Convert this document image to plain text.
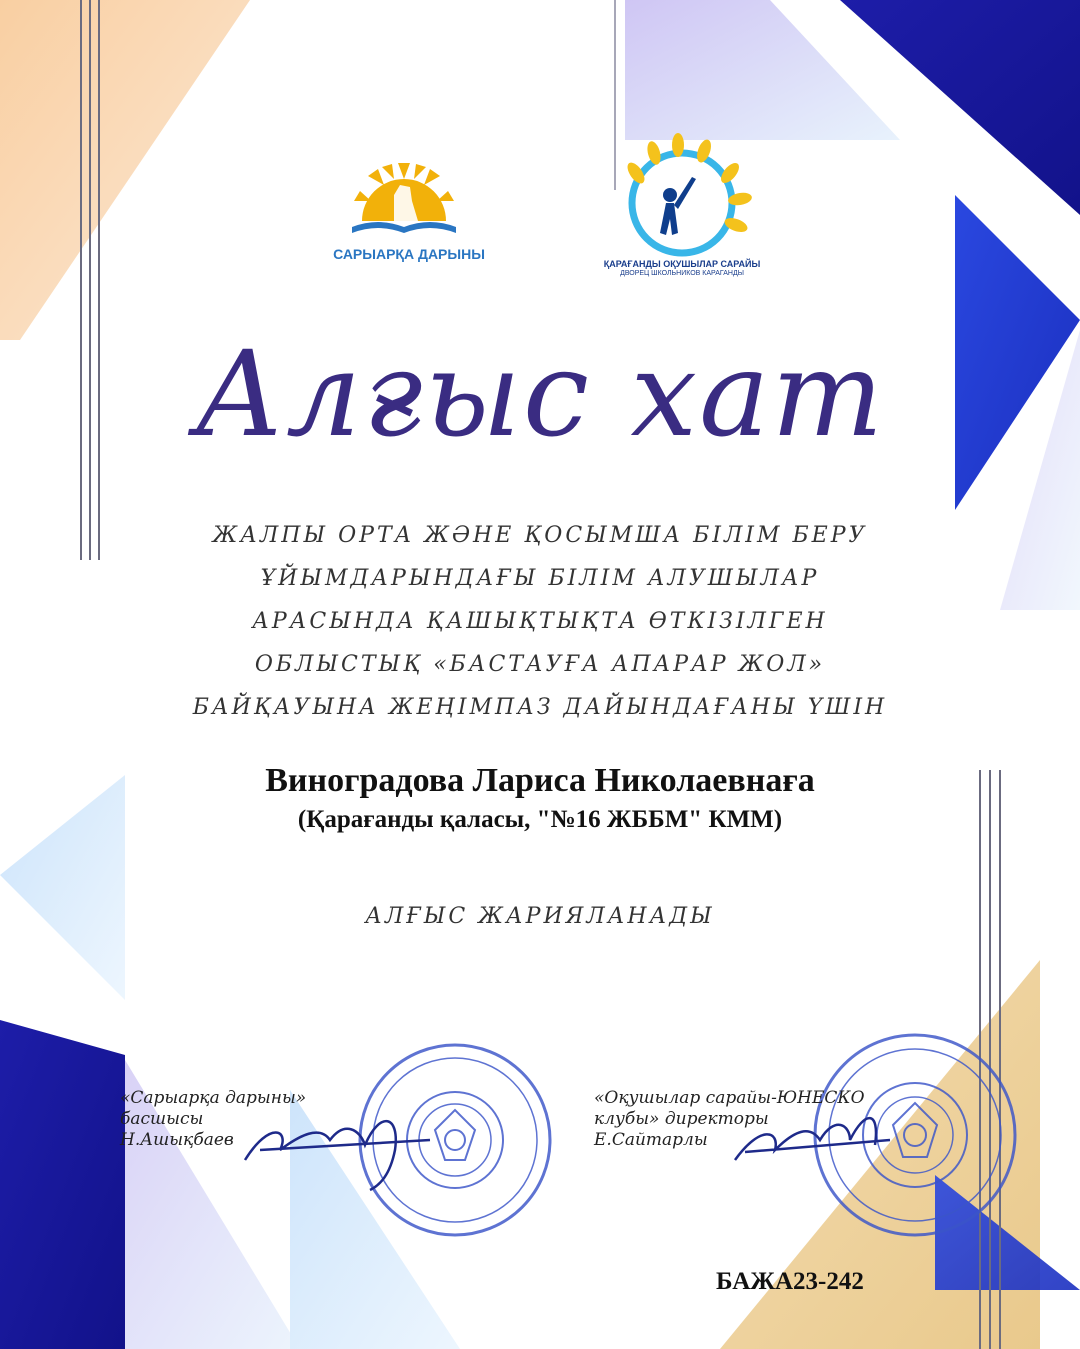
САРЫАРҚА ДАРЫНЫ
ҚАРАҒАНДЫ ОҚУШЫЛАР САРАЙЫ
ДВОРЕЦ ШКОЛЬНИКОВ КАРАГАНДЫ
Алғыс хат
ЖАЛПЫ ОРТА ЖӘНЕ ҚОСЫМША БІЛІМ БЕРУ
ҰЙЫМДАРЫНДАҒЫ БІЛІМ АЛУШЫЛАР
АРАСЫНДА ҚАШЫҚТЫҚТА ӨТКІЗІЛГЕН
ОБЛЫСТЫҚ «БАСТАУҒА АПАРАР ЖОЛ»
БАЙҚАУЫНА ЖЕҢІМПАЗ ДАЙЫНДАҒАНЫ ҮШІН
Виноградова Лариса Николаевнаға
(Қарағанды қаласы, "№16 ЖББМ" КММ)
АЛҒЫС ЖАРИЯЛАНАДЫ
«Сарыарқа дарыны»
басшысы
Н.Ашықбаев
«Оқушылар сарайы-ЮНЕСКО
клубы» директоры
Е.Сайтарлы
БАЖА23-242
